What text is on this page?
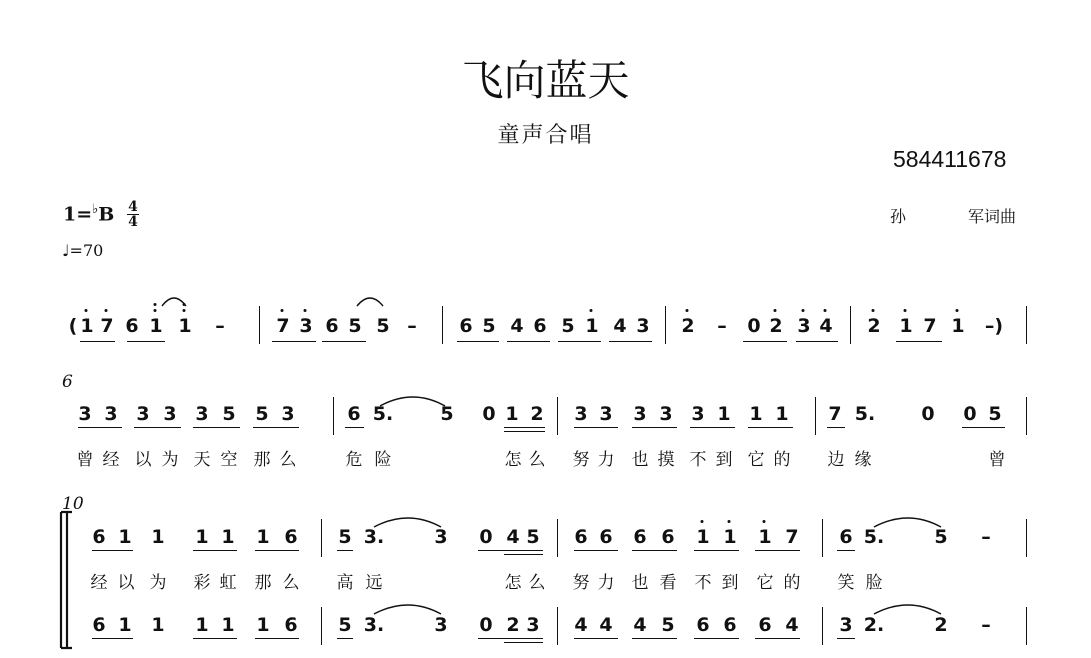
飞向蓝天
童声合唱
584411678
1=♭B 4
4
♩=70
孙	军词曲
6
10
( 1 7 6 1 1 –	7 3 6 5 5 – 6 5 4 6 5 1 4 3 2 – 0 2 3 4 2 1 7 1 –)
3 3 3 3 3 5 5 3	6 5. 5 0 1 2 3 3 3 3 3 1 1 1 7 5. 0 0 5
曾 经 以 为 天 空 那 么	危 险	怎 么 努 力 也 摸 不 到 它 的 边 缘	曾
6 1 1 1 1 1 6 5 3.	3 0 4 5 6 6 6 6 1 1 1 7 6 5.	5 –
经 以 为 彩 虹 那 么 高 远	怎 么 努 力 也 看 不 到 它 的 笑 脸
6 1 1 1 1 1 6 5 3.	3 0 2 3 4 4 4 5 6 6 6 4 3 2.	2 –
